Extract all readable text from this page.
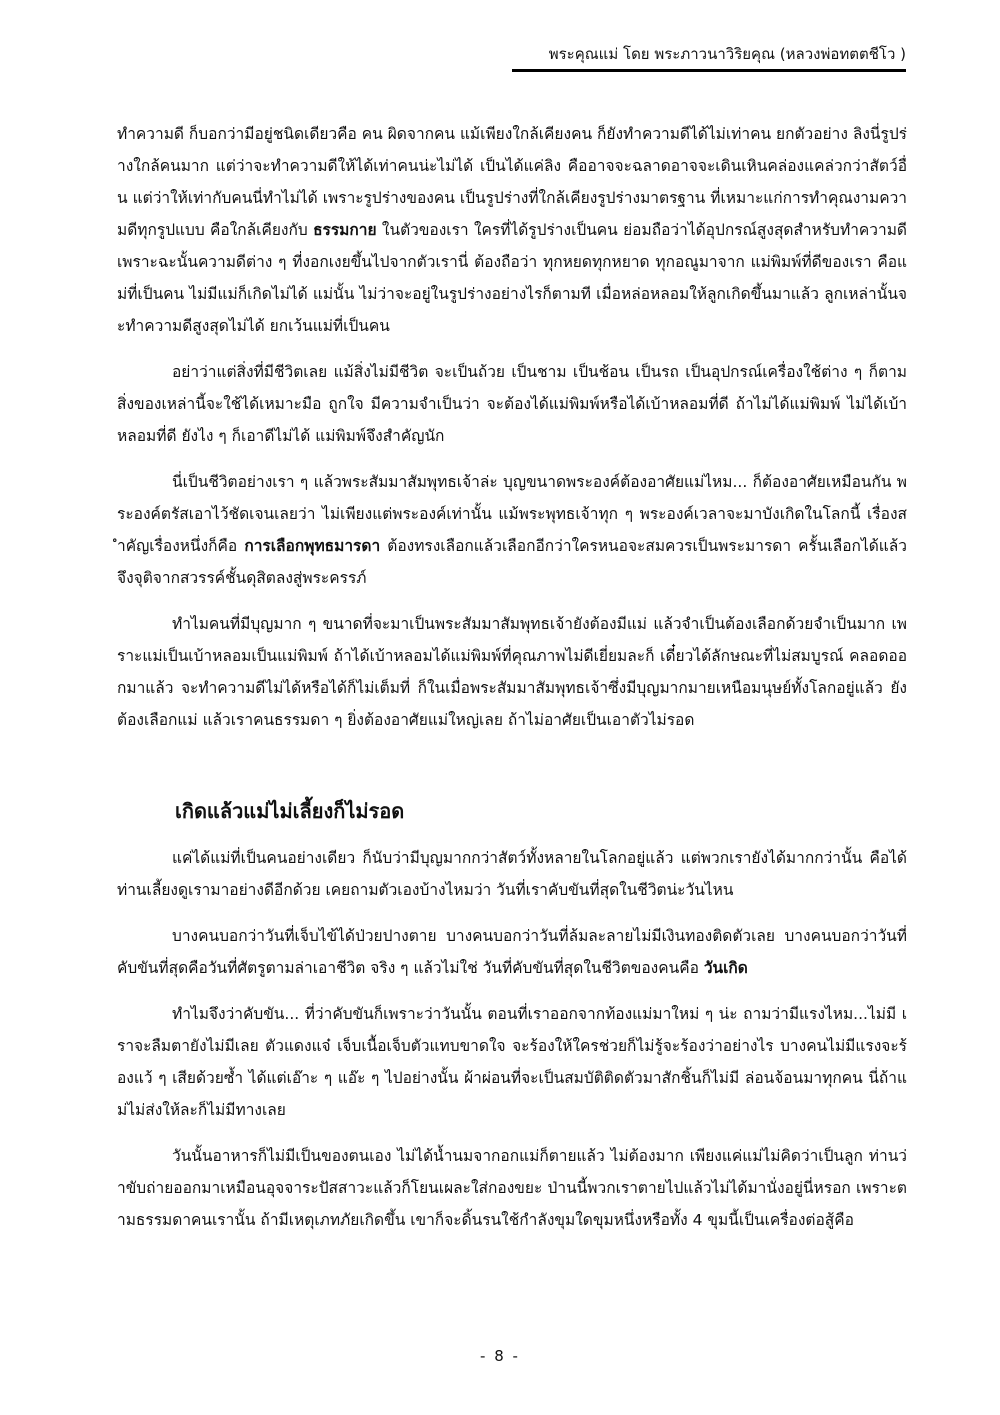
พระคุณแม่ โดย พระภาวนาวิริยคุณ (หลวงพ่อทตตชีโว )

ทำความดี ก็บอกว่ามีอยู่ชนิดเดียวคือ คน ผิดจากคน แม้เพียงใกล้เคียงคน ก็ยังทำความดีได้ไม่เท่าคน ยกตัวอย่าง ลิงนี่รูปร่างใกล้คนมาก แต่ว่าจะทำความดีให้ได้เท่าคนน่ะไม่ได้ เป็นได้แค่ลิง คืออาจจะฉลาดอาจจะเดินเหินคล่องแคล่วกว่าสัตว์อื่น แต่ว่าให้เท่ากับคนนี่ทำไม่ได้ เพราะรูปร่างของคน เป็นรูปร่างที่ใกล้เคียงรูปร่างมาตรฐาน ที่เหมาะแก่การทำคุณงามความดีทุกรูปแบบ คือใกล้เคียงกับ ธรรมกาย ในตัวของเรา ใครที่ได้รูปร่างเป็นคน ย่อมถือว่าได้อุปกรณ์สูงสุดสำหรับทำความดี เพราะฉะนั้นความดีต่าง ๆ ที่งอกเงยขึ้นไปจากตัวเรานี่ ต้องถือว่า ทุกหยดทุกหยาด ทุกอณูมาจาก แม่พิมพ์ที่ดีของเรา คือแม่ที่เป็นคน ไม่มีแม่ก็เกิดไม่ได้ แม่นั้น ไม่ว่าจะอยู่ในรูปร่างอย่างไรก็ตามที เมื่อหล่อหลอมให้ลูกเกิดขึ้นมาแล้ว ลูกเหล่านั้นจะทำความดีสูงสุดไม่ได้ ยกเว้นแม่ที่เป็นคน

อย่าว่าแต่สิ่งที่มีชีวิตเลย แม้สิ่งไม่มีชีวิต จะเป็นถ้วย เป็นชาม เป็นช้อน เป็นรถ เป็นอุปกรณ์เครื่องใช้ต่าง ๆ ก็ตาม สิ่งของเหล่านี้จะใช้ได้เหมาะมือ ถูกใจ มีความจำเป็นว่า จะต้องได้แม่พิมพ์หรือได้เบ้าหลอมที่ดี ถ้าไม่ได้แม่พิมพ์ ไม่ได้เบ้าหลอมที่ดี ยังไง ๆ ก็เอาดีไม่ได้ แม่พิมพ์จึงสำคัญนัก

นี่เป็นชีวิตอย่างเรา ๆ แล้วพระสัมมาสัมพุทธเจ้าล่ะ บุญขนาดพระองค์ต้องอาศัยแม่ไหม... ก็ต้องอาศัยเหมือนกัน พระองค์ตรัสเอาไว้ชัดเจนเลยว่า ไม่เพียงแต่พระองค์เท่านั้น แม้พระพุทธเจ้าทุก ๆ พระองค์เวลาจะมาบังเกิดในโลกนี้ เรื่องสำคัญเรื่องหนึ่งก็คือ การเลือกพุทธมารดา ต้องทรงเลือกแล้วเลือกอีกว่าใครหนอจะสมควรเป็นพระมารดา ครั้นเลือกได้แล้วจึงจุติจากสวรรค์ชั้นดุสิตลงสู่พระครรภ์

ทำไมคนที่มีบุญมาก ๆ ขนาดที่จะมาเป็นพระสัมมาสัมพุทธเจ้ายังต้องมีแม่ แล้วจำเป็นต้องเลือกด้วยจำเป็นมาก เพราะแม่เป็นเบ้าหลอมเป็นแม่พิมพ์ ถ้าได้เบ้าหลอมได้แม่พิมพ์ที่คุณภาพไม่ดีเยี่ยมละก็ เดี๋ยวได้ลักษณะที่ไม่สมบูรณ์ คลอดออกมาแล้ว จะทำความดีไม่ได้หรือได้ก็ไม่เต็มที่ ก็ในเมื่อพระสัมมาสัมพุทธเจ้าซึ่งมีบุญมากมายเหนือมนุษย์ทั้งโลกอยู่แล้ว ยังต้องเลือกแม่ แล้วเราคนธรรมดา ๆ ยิ่งต้องอาศัยแม่ใหญ่เลย ถ้าไม่อาศัยเป็นเอาตัวไม่รอด

เกิดแล้วแม่ไม่เลี้ยงก็ไม่รอด

แค่ได้แม่ที่เป็นคนอย่างเดียว ก็นับว่ามีบุญมากกว่าสัตว์ทั้งหลายในโลกอยู่แล้ว แต่พวกเรายังได้มากกว่านั้น คือได้ท่านเลี้ยงดูเรามาอย่างดีอีกด้วย เคยถามตัวเองบ้างไหมว่า วันที่เราคับขันที่สุดในชีวิตน่ะวันไหน

บางคนบอกว่าวันที่เจ็บไข้ได้ป่วยปางตาย บางคนบอกว่าวันที่ล้มละลายไม่มีเงินทองติดตัวเลย บางคนบอกว่าวันที่คับขันที่สุดคือวันที่ศัตรูตามล่าเอาชีวิต จริง ๆ แล้วไม่ใช่ วันที่คับขันที่สุดในชีวิตของคนคือ วันเกิด

ทำไมจึงว่าคับขัน... ที่ว่าคับขันก็เพราะว่าวันนั้น ตอนที่เราออกจากท้องแม่มาใหม่ ๆ น่ะ ถามว่ามีแรงไหม...ไม่มี เราจะลืมตายังไม่มีเลย ตัวแดงแจ๋ เจ็บเนื้อเจ็บตัวแทบขาดใจ จะร้องให้ใครช่วยก็ไม่รู้จะร้องว่าอย่างไร บางคนไม่มีแรงจะร้องแว้ ๆ เสียด้วยซ้ำ ได้แต่เอ๊าะ ๆ แอ๊ะ ๆ ไปอย่างนั้น ผ้าผ่อนที่จะเป็นสมบัติติดตัวมาสักชิ้นก็ไม่มี ล่อนจ้อนมาทุกคน นี่ถ้าแม่ไม่ส่งให้ละก็ไม่มีทางเลย

วันนั้นอาหารก็ไม่มีเป็นของตนเอง ไม่ได้น้ำนมจากอกแม่ก็ตายแล้ว ไม่ต้องมาก เพียงแค่แม่ไม่คิดว่าเป็นลูก ท่านว่าขับถ่ายออกมาเหมือนอุจจาระปัสสาวะแล้วก็โยนเผละใส่กองขยะ ป่านนี้พวกเราตายไปแล้วไม่ได้มานั่งอยู่นี่หรอก เพราะตามธรรมดาคนเรานั้น ถ้ามีเหตุเภทภัยเกิดขึ้น เขาก็จะดิ้นรนใช้กำลังขุมใดขุมหนึ่งหรือทั้ง 4 ขุมนี้เป็นเครื่องต่อสู้คือ

- 8 -
